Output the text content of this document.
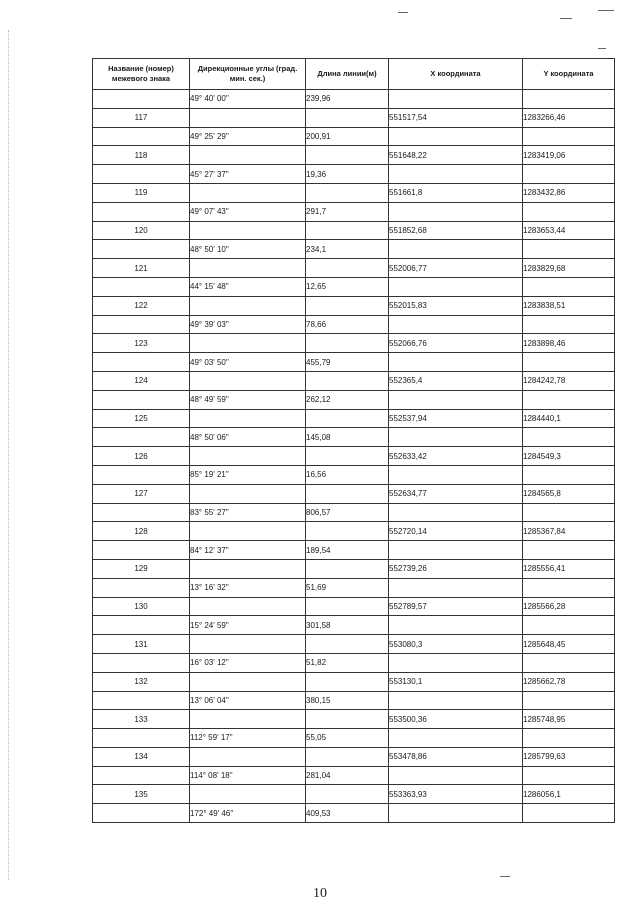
Название (номер) межевого знака	Дирекционные углы (град. мин. сек.)	Длина линии(м)	X координата	Y координата
	49° 40' 00"	239,96		
117			551517,54	1283266,46
	49° 25' 29"	200,91		
118			551648,22	1283419,06
	45° 27' 37"	19,36		
119			551661,8	1283432,86
	49° 07' 43"	291,7		
120			551852,68	1283653,44
	48° 50' 10"	234,1		
121			552006,77	1283829,68
	44° 15' 48"	12,65		
122			552015,83	1283838,51
	49° 39' 03"	78,66		
123			552066,76	1283898,46
	49° 03' 50"	455,79		
124			552365,4	1284242,78
	48° 49' 59"	262,12		
125			552537,94	1284440,1
	48° 50' 06"	145,08		
126			552633,42	1284549,3
	85° 19' 21"	16,56		
127			552634,77	1284565,8
	83° 55' 27"	806,57		
128			552720,14	1285367,84
	84° 12' 37"	189,54		
129			552739,26	1285556,41
	13° 16' 32"	51,69		
130			552789,57	1285566,28
	15° 24' 59"	301,58		
131			553080,3	1285648,45
	16° 03' 12"	51,82		
132			553130,1	1285662,78
	13° 06' 04"	380,15		
133			553500,36	1285748,95
	112° 59' 17"	55,05		
134			553478,86	1285799,63
	114° 08' 18"	281,04		
135			553363,93	1286056,1
	172° 49' 46"	409,53		
10
